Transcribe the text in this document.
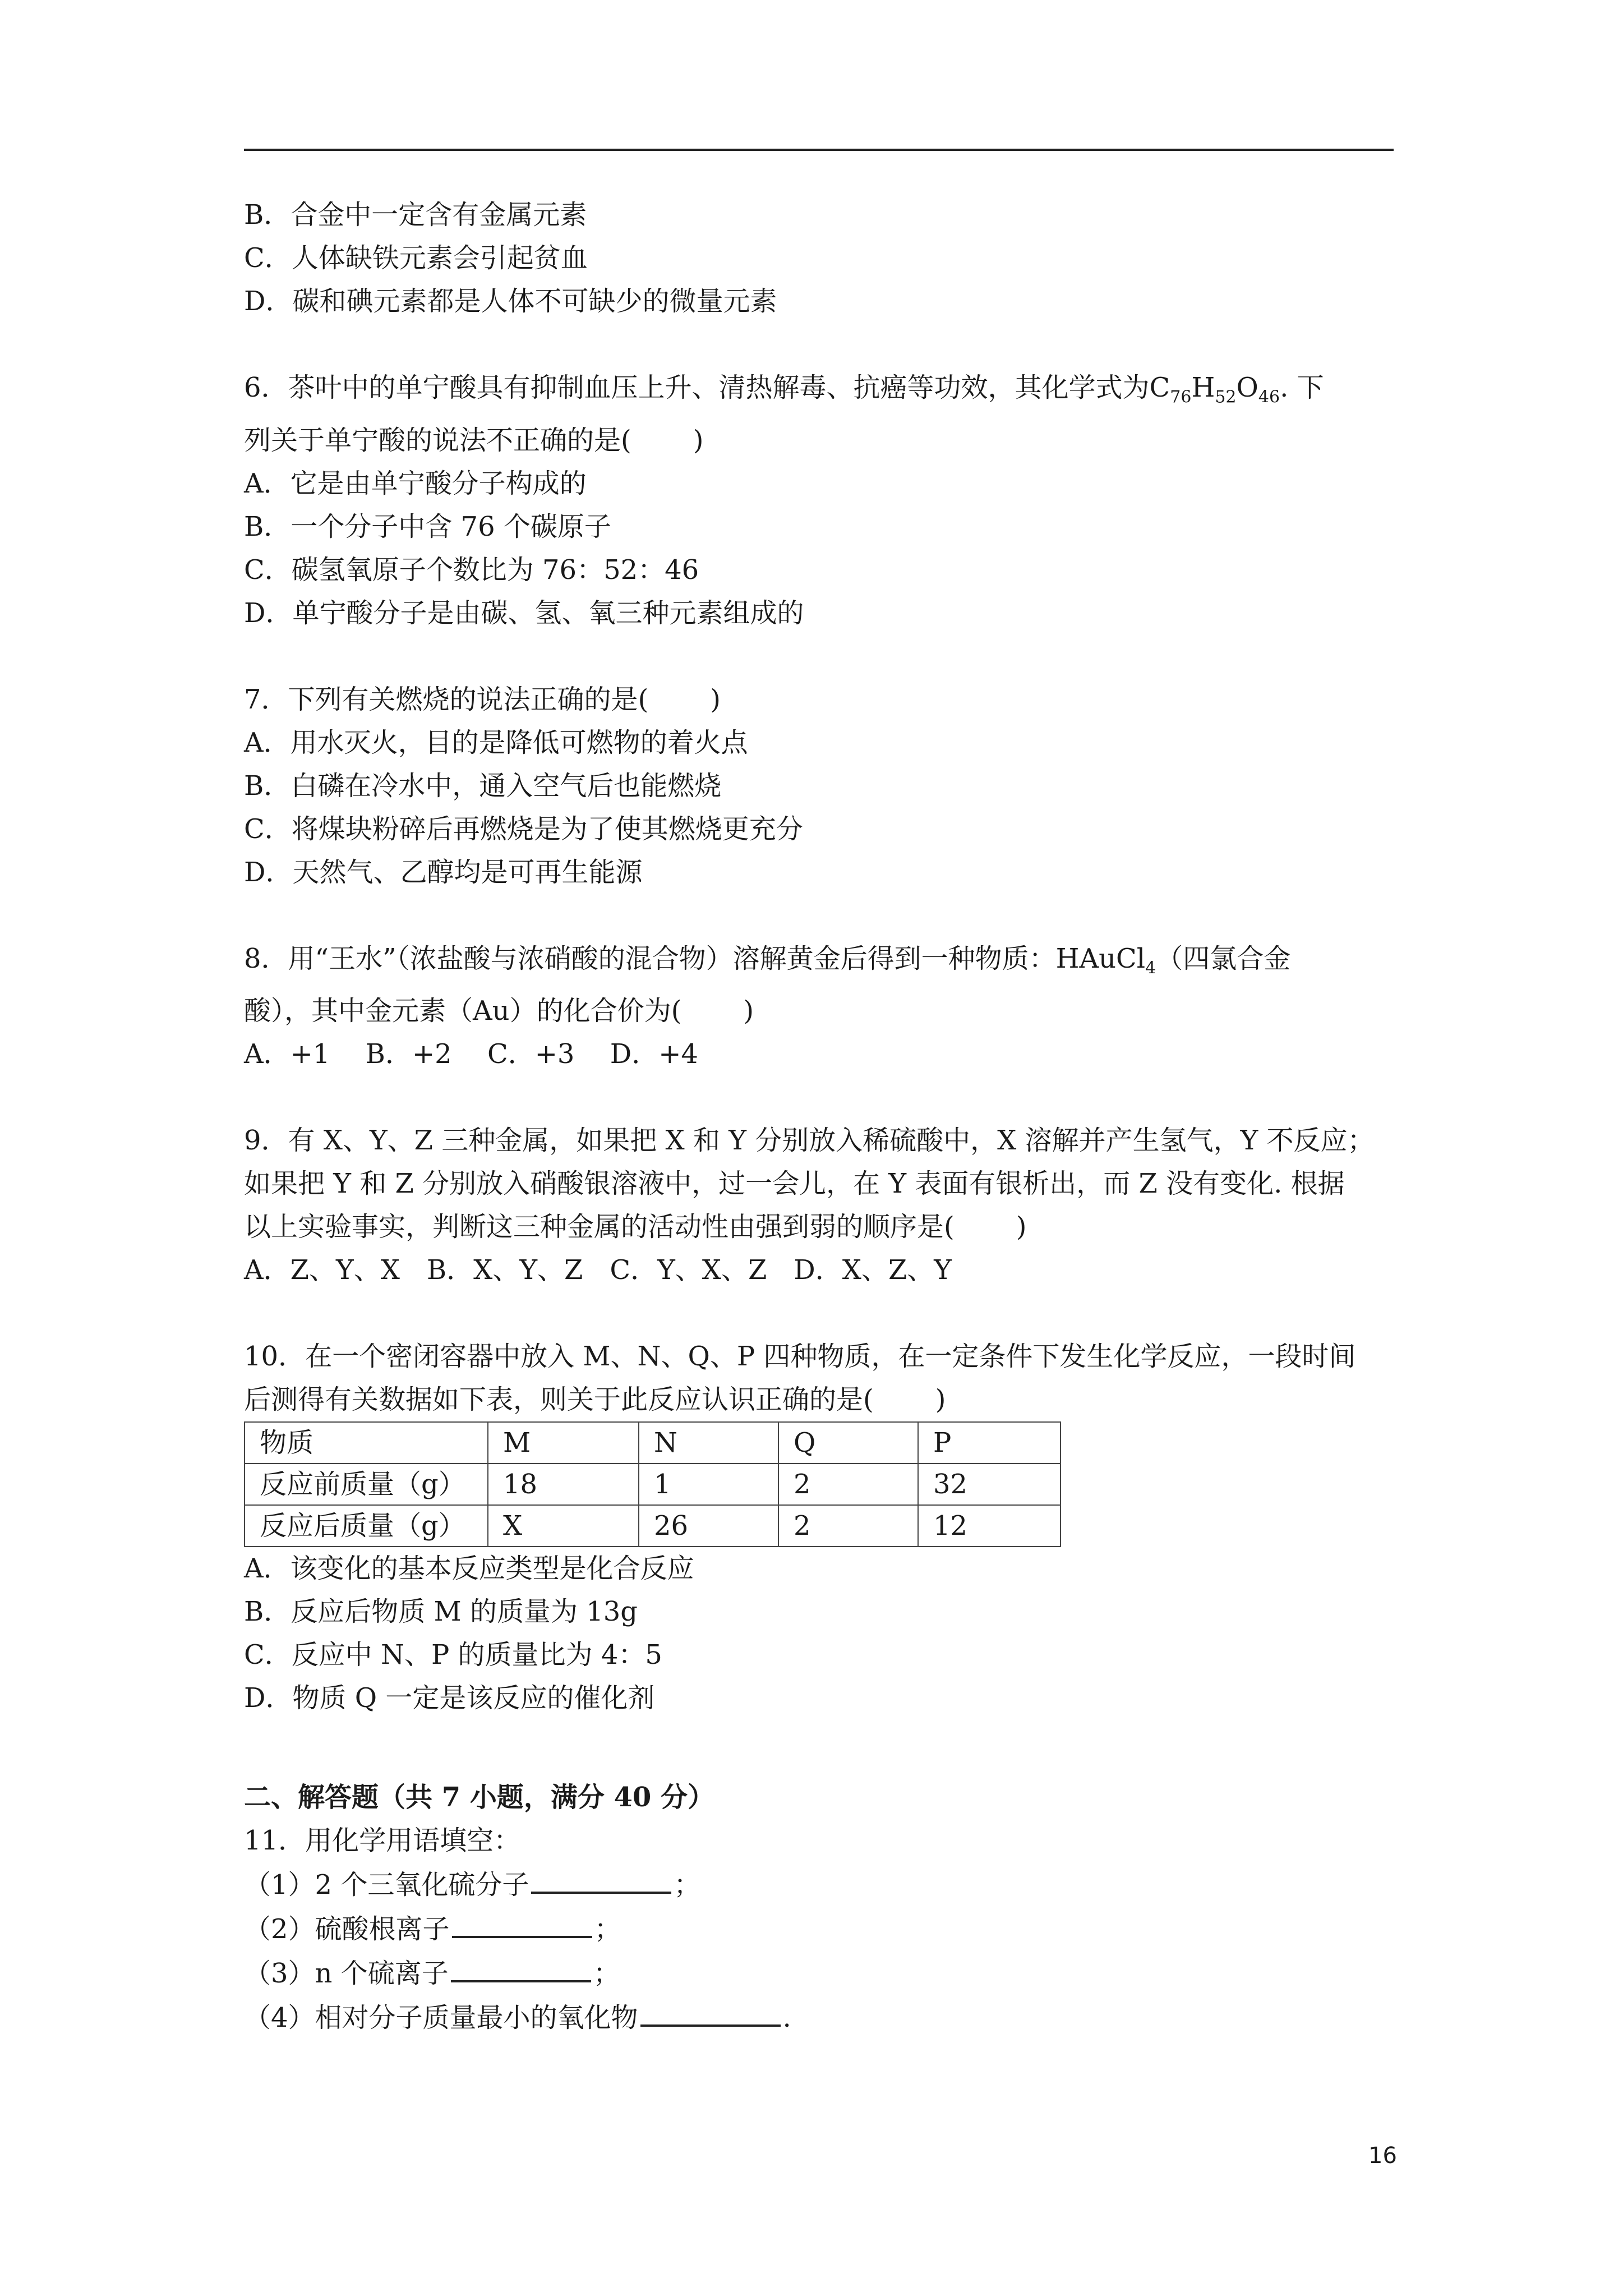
B．合金中一定含有金属元素
C．人体缺铁元素会引起贫血
D．碳和碘元素都是人体不可缺少的微量元素
6．茶叶中的单宁酸具有抑制血压上升、清热解毒、抗癌等功效，其化学式为$C_{76}H_{52}O_{46}$. 下
列关于单宁酸的说法不正确的是( )
A．它是由单宁酸分子构成的
B．一个分子中含 76 个碳原子
C．碳氢氧原子个数比为 76：52：46
D．单宁酸分子是由碳、氢、氧三种元素组成的
7．下列有关燃烧的说法正确的是( )
A．用水灭火，目的是降低可燃物的着火点
B．白磷在冷水中，通入空气后也能燃烧
C．将煤块粉碎后再燃烧是为了使其燃烧更充分
D．天然气、乙醇均是可再生能源
8．用“王水”（浓盐酸与浓硝酸的混合物）溶解黄金后得到一种物质：HAuCl$_4$（四氯合金
酸），其中金元素（Au）的化合价为( )
A．+1　 B．+2　 C．+3　 D．+4
9．有 X、Y、Z 三种金属，如果把 X 和 Y 分别放入稀硫酸中，X 溶解并产生氢气，Y 不反应；
如果把 Y 和 Z 分别放入硝酸银溶液中，过一会儿，在 Y 表面有银析出，而 Z 没有变化. 根据
以上实验事实，判断这三种金属的活动性由强到弱的顺序是( )
A．Z、Y、X　B．X、Y、Z　C．Y、X、Z　D．X、Z、Y
10．在一个密闭容器中放入 M、N、Q、P 四种物质，在一定条件下发生化学反应，一段时间
后测得有关数据如下表，则关于此反应认识正确的是( )
物质	M	N	Q	P
反应前质量（g）	18	1	2	32
反应后质量（g）	X	26	2	12
A．该变化的基本反应类型是化合反应
B．反应后物质 M 的质量为 13g
C．反应中 N、P 的质量比为 4：5
D．物质 Q 一定是该反应的催化剂
二、解答题（共 7 小题，满分 40 分）
11．用化学用语填空：
（1）2 个三氧化硫分子	；
（2）硫酸根离子	；
（3）n 个硫离子	；
（4）相对分子质量最小的氧化物	.
16
